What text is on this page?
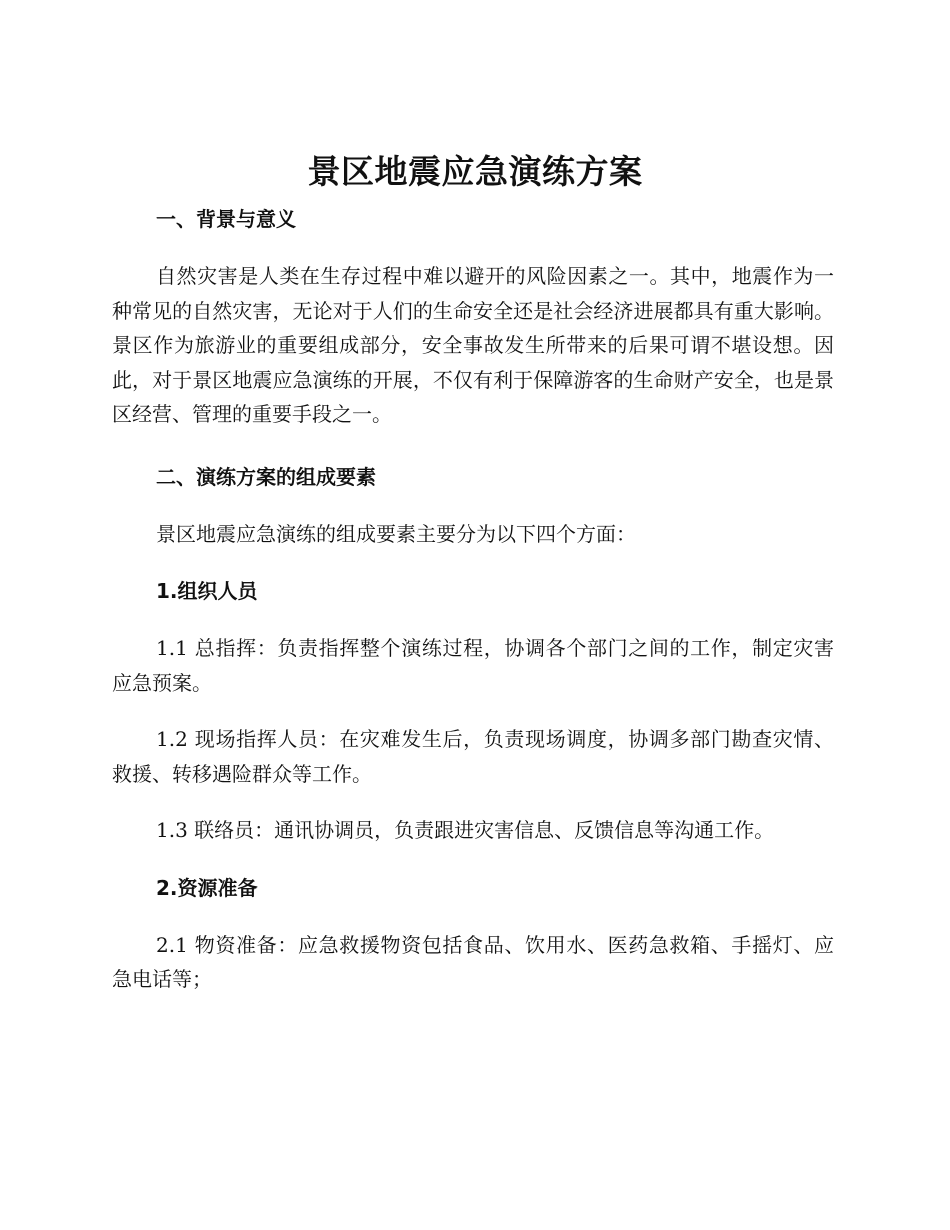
景区地震应急演练方案
一、背景与意义

自然灾害是人类在生存过程中难以避开的风险因素之一。其中，地震作为一种常见的自然灾害，无论对于人们的生命安全还是社会经济进展都具有重大影响。景区作为旅游业的重要组成部分，安全事故发生所带来的后果可谓不堪设想。因此，对于景区地震应急演练的开展，不仅有利于保障游客的生命财产安全，也是景区经营、管理的重要手段之一。

二、演练方案的组成要素

景区地震应急演练的组成要素主要分为以下四个方面：

1.组织人员

1.1 总指挥：负责指挥整个演练过程，协调各个部门之间的工作，制定灾害应急预案。

1.2 现场指挥人员：在灾难发生后，负责现场调度，协调多部门勘查灾情、救援、转移遇险群众等工作。

1.3 联络员：通讯协调员，负责跟进灾害信息、反馈信息等沟通工作。

2.资源准备

2.1 物资准备：应急救援物资包括食品、饮用水、医药急救箱、手摇灯、应急电话等；
